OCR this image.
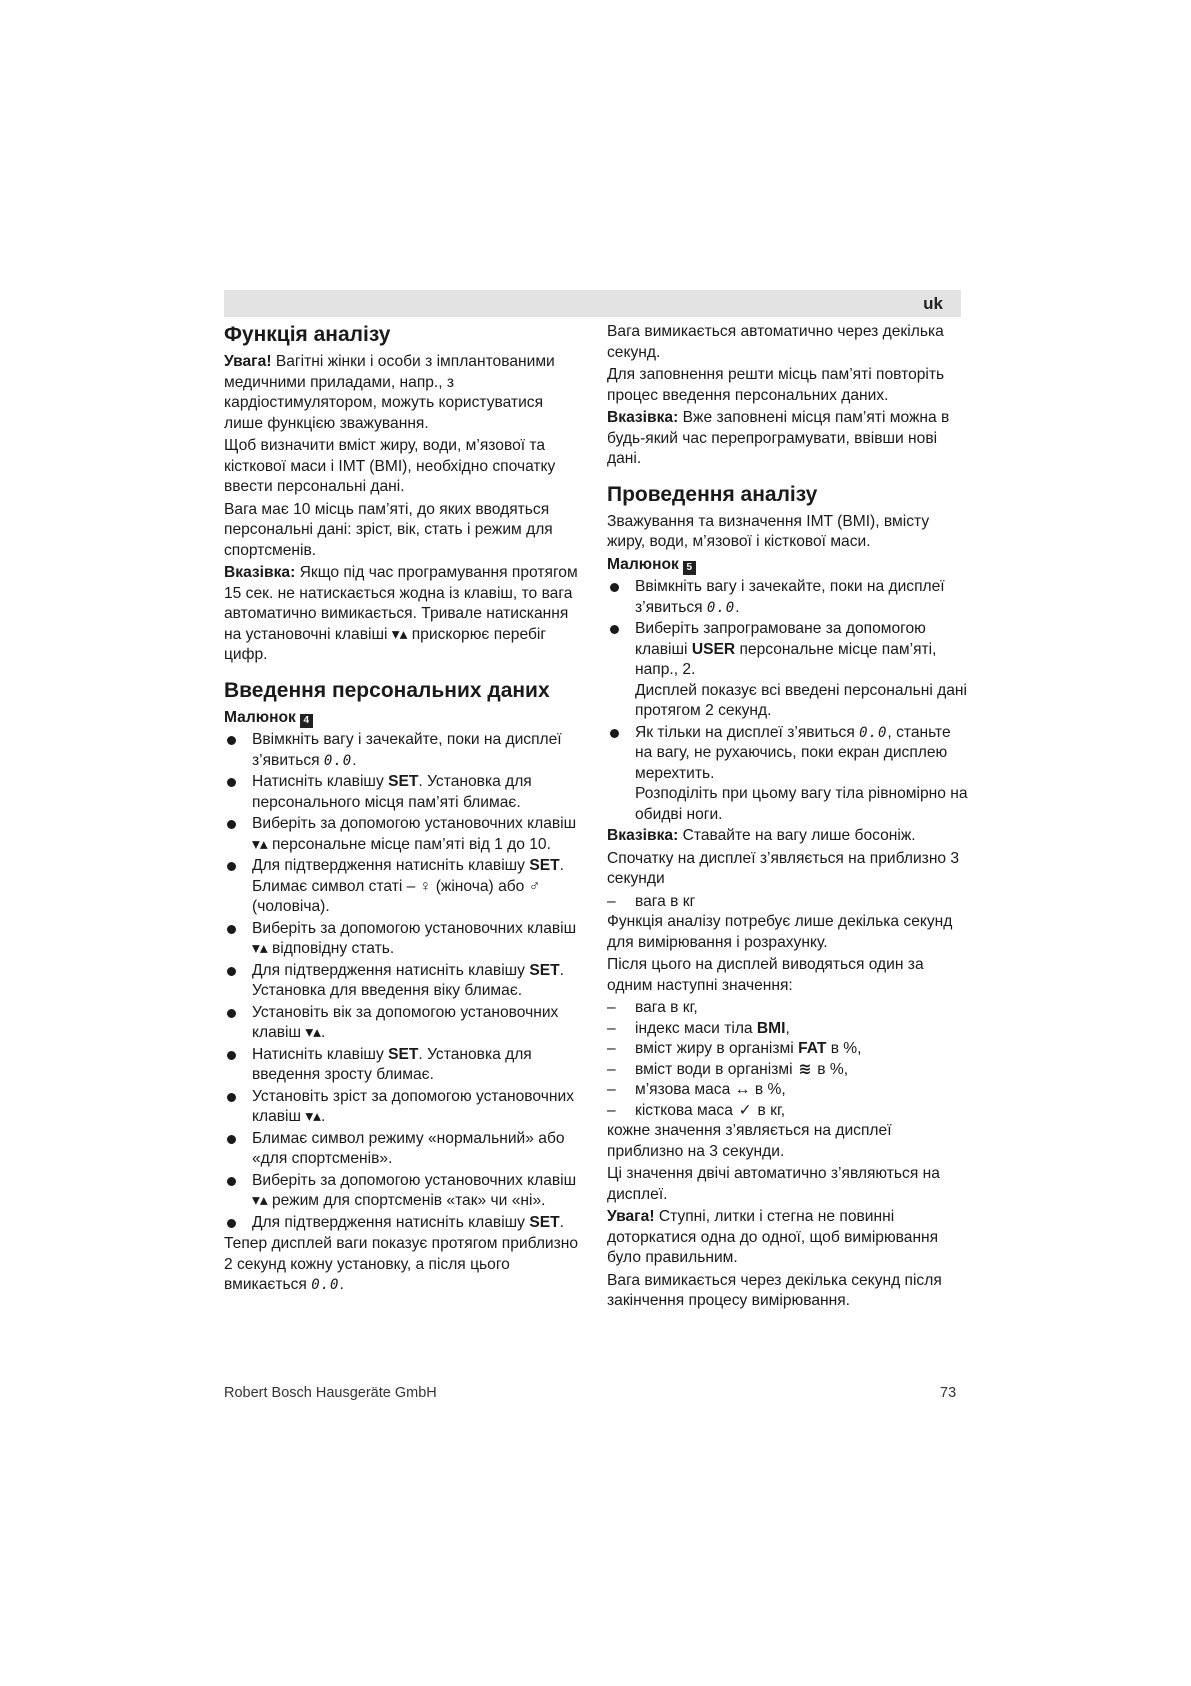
uk
Функція аналізу

Увага! Вагітні жінки і особи з імплантованими медичними приладами, напр., з кардіостимулятором, можуть користуватися лише функцією зважування.

Щоб визначити вміст жиру, води, м’язової та кісткової маси і IMT (BMI), необхідно спочатку ввести персональні дані.

Вага має 10 місць пам’яті, до яких вводяться персональні дані: зріст, вік, стать і режим для спортсменів.

Вказівка: Якщо під час програмування протягом 15 сек. не натискається жодна із клавіш, то вага автоматично вимикається. Тривале натискання на установочні клавіші ▾▴ прискорює перебіг цифр.

Введення персональних даних
Малюнок 4
Ввімкніть вагу і зачекайте, поки на дисплеї з’явиться 0.0.
Натисніть клавішу SET. Установка для персонального місця пам’яті блимає.
Виберіть за допомогою установочних клавіш ▾▴ персональне місце пам’яті від 1 до 10.
Для підтвердження натисніть клавішу SET.
Блимає символ статі – ♀ (жіноча) або ♂ (чоловіча).
Виберіть за допомогою установочних клавіш ▾▴ відповідну стать.
Для підтвердження натисніть клавішу SET. Установка для введення віку блимає.
Установіть вік за допомогою установочних клавіш ▾▴.
Натисніть клавішу SET. Установка для введення зросту блимає.
Установіть зріст за допомогою установочних клавіш ▾▴.
Блимає символ режиму «нормальний» або «для спортсменів».
Виберіть за допомогою установочних клавіш ▾▴ режим для спортсменів «так» чи «ні».
Для підтвердження натисніть клавішу SET.

Тепер дисплей ваги показує протягом приблизно 2 секунд кожну установку, а після цього вмикається 0.0.

Вага вимикається автоматично через декілька секунд.

Для заповнення решти місць пам’яті повторіть процес введення персональних даних.

Вказівка: Вже заповнені місця пам’яті можна в будь-який час перепрограмувати, ввівши нові дані.

Проведення аналізу

Зважування та визначення IMT (BMI), вмісту жиру, води, м’язової і кісткової маси.

Малюнок 5
Ввімкніть вагу і зачекайте, поки на дисплеї з’явиться 0.0.
Виберіть запрограмоване за допомогою клавіші USER персональне місце пам’яті, напр., 2.
Дисплей показує всі введені персональні дані протягом 2 секунд.
Як тільки на дисплеї з’явиться 0.0, станьте на вагу, не рухаючись, поки екран дисплею мерехтить.
Розподіліть при цьому вагу тіла рівномірно на обидві ноги.

Вказівка: Ставайте на вагу лише босоніж.

Спочатку на дисплеї з’являється на приблизно 3 секунди

– вага в кг

Функція аналізу потребує лише декілька секунд для вимірювання і розрахунку.

Після цього на дисплей виводяться один за одним наступні значення:

– вага в кг,
– індекс маси тіла BMI,
– вміст жиру в організмі FAT в %,
– вміст води в організмі ≋ в %,
– м’язова маса ↔ в %,
– кісткова маса ✓ в кг,

кожне значення з’являється на дисплеї приблизно на 3 секунди.

Ці значення двічі автоматично з’являються на дисплеї.

Увага! Ступні, литки і стегна не повинні доторкатися одна до одної, щоб вимірювання було правильним.

Вага вимикається через декілька секунд після закінчення процесу вимірювання.

Robert Bosch Hausgeräte GmbH	73
